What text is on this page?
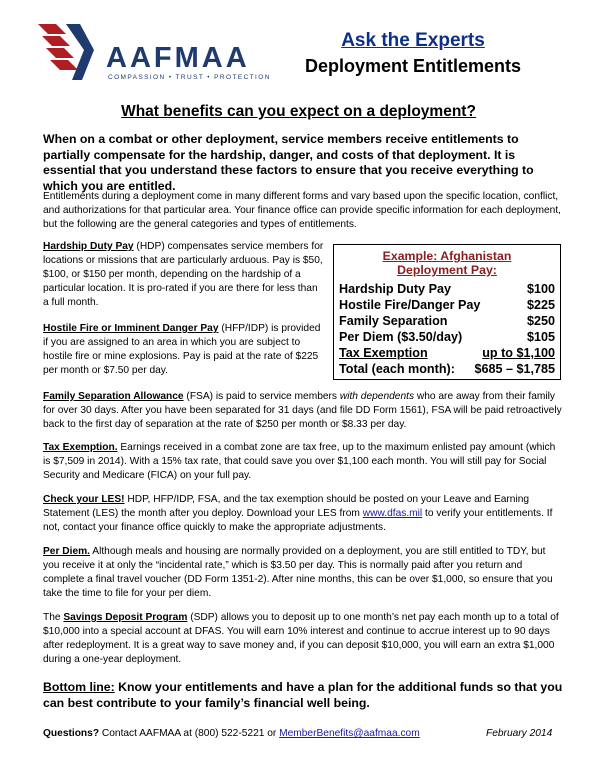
AAFMAA
COMPASSION • TRUST • PROTECTION
Ask the Experts
Deployment Entitlements
What benefits can you expect on a deployment?
When on a combat or other deployment, service members receive entitlements to partially compensate for the hardship, danger, and costs of that deployment. It is essential that you understand these factors to ensure that you receive everything to which you are entitled.
Entitlements during a deployment come in many different forms and vary based upon the specific location, conflict, and authorizations for that particular area. Your finance office can provide specific information for each deployment, but the following are the general categories and types of entitlements.
Hardship Duty Pay (HDP) compensates service members for locations or missions that are particularly arduous. Pay is $50, $100, or $150 per month, depending on the hardship of a particular location. It is pro-rated if you are there for less than a full month.
Hostile Fire or Imminent Danger Pay (HFP/IDP) is provided if you are assigned to an area in which you are subject to hostile fire or mine explosions. Pay is paid at the rate of $225 per month or $7.50 per day.
Example: Afghanistan
Deployment Pay:
Hardship Duty Pay	$100
Hostile Fire/Danger Pay	$225
Family Separation	$250
Per Diem ($3.50/day)	$105
Tax Exemption	up to $1,100
Total (each month): $685 – $1,785
Family Separation Allowance (FSA) is paid to service members with dependents who are away from their family for over 30 days. After you have been separated for 31 days (and file DD Form 1561), FSA will be paid retroactively back to the first day of separation at the rate of $250 per month or $8.33 per day.
Tax Exemption. Earnings received in a combat zone are tax free, up to the maximum enlisted pay amount (which is $7,509 in 2014). With a 15% tax rate, that could save you over $1,100 each month. You will still pay for Social Security and Medicare (FICA) on your full pay.
Check your LES! HDP, HFP/IDP, FSA, and the tax exemption should be posted on your Leave and Earning Statement (LES) the month after you deploy. Download your LES from www.dfas.mil to verify your entitlements. If not, contact your finance office quickly to make the appropriate adjustments.
Per Diem. Although meals and housing are normally provided on a deployment, you are still entitled to TDY, but you receive it at only the “incidental rate,” which is $3.50 per day. This is normally paid after you return and complete a final travel voucher (DD Form 1351-2). After nine months, this can be over $1,000, so ensure that you take the time to file for your per diem.
The Savings Deposit Program (SDP) allows you to deposit up to one month’s net pay each month up to a total of $10,000 into a special account at DFAS. You will earn 10% interest and continue to accrue interest up to 90 days after redeployment. It is a great way to save money and, if you can deposit $10,000, you will earn an extra $1,000 during a one-year deployment.
Bottom line: Know your entitlements and have a plan for the additional funds so that you can best contribute to your family’s financial well being.
Questions? Contact AAFMAA at (800) 522-5221 or MemberBenefits@aafmaa.com	February 2014
